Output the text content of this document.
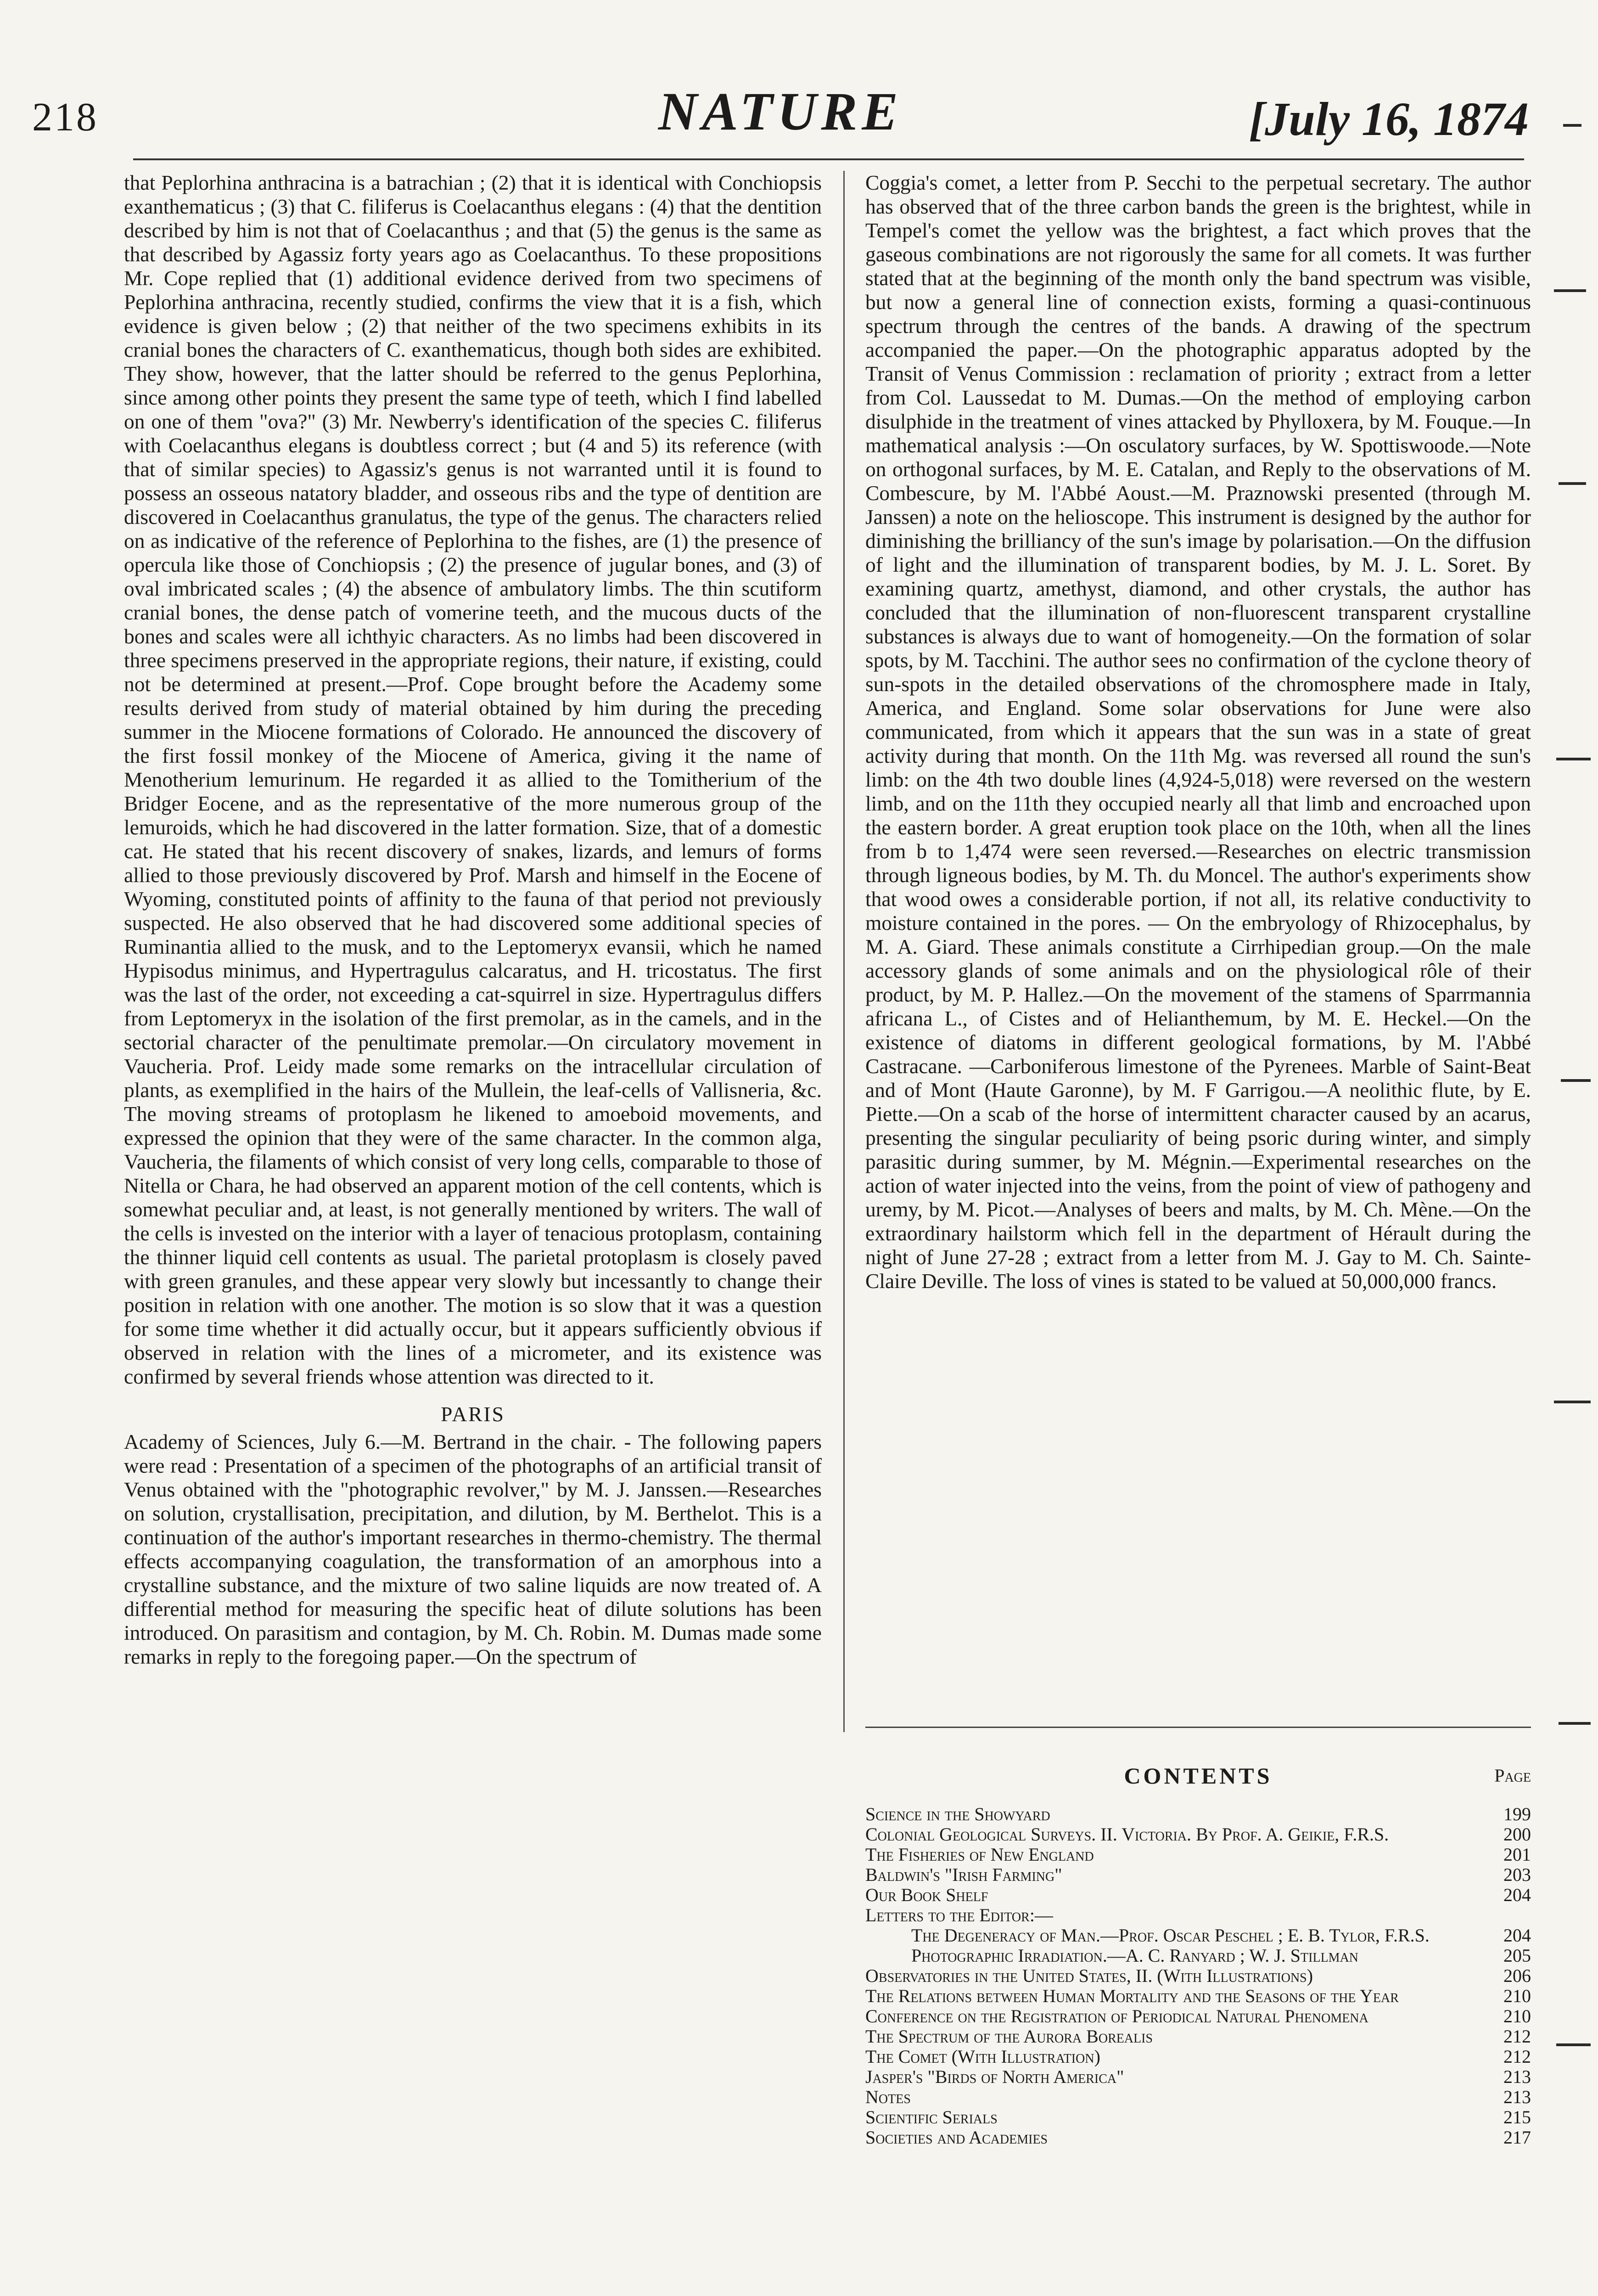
218	NATURE	[July 16, 1874

that Peplorhina anthracina is a batrachian ; (2) that it is identical with Conchiopsis exanthematicus ; (3) that C. filiferus is Coelacanthus elegans : (4) that the dentition described by him is not that of Coelacanthus ; and that (5) the genus is the same as that described by Agassiz forty years ago as Coelacanthus. To these propositions Mr. Cope replied that (1) additional evidence derived from two specimens of Peplorhina anthracina, recently studied, confirms the view that it is a fish, which evidence is given below ; (2) that neither of the two specimens exhibits in its cranial bones the characters of C. exanthematicus, though both sides are exhibited. They show, however, that the latter should be referred to the genus Peplorhina, since among other points they present the same type of teeth, which I find labelled on one of them "ova?" (3) Mr. Newberry's identification of the species C. filiferus with Coelacanthus elegans is doubtless correct ; but (4 and 5) its reference (with that of similar species) to Agassiz's genus is not warranted until it is found to possess an osseous natatory bladder, and osseous ribs and the type of dentition are discovered in Coelacanthus granulatus, the type of the genus. The characters relied on as indicative of the reference of Peplorhina to the fishes, are (1) the presence of opercula like those of Conchiopsis ; (2) the presence of jugular bones, and (3) of oval imbricated scales ; (4) the absence of ambulatory limbs. The thin scutiform cranial bones, the dense patch of vomerine teeth, and the mucous ducts of the bones and scales were all ichthyic characters. As no limbs had been discovered in three specimens preserved in the appropriate regions, their nature, if existing, could not be determined at present.—Prof. Cope brought before the Academy some results derived from study of material obtained by him during the preceding summer in the Miocene formations of Colorado. He announced the discovery of the first fossil monkey of the Miocene of America, giving it the name of Menotherium lemurinum. He regarded it as allied to the Tomitherium of the Bridger Eocene, and as the representative of the more numerous group of the lemuroids, which he had discovered in the latter formation. Size, that of a domestic cat. He stated that his recent discovery of snakes, lizards, and lemurs of forms allied to those previously discovered by Prof. Marsh and himself in the Eocene of Wyoming, constituted points of affinity to the fauna of that period not previously suspected. He also observed that he had discovered some additional species of Ruminantia allied to the musk, and to the Leptomeryx evansii, which he named Hypisodus minimus, and Hypertragulus calcaratus, and H. tricostatus. The first was the last of the order, not exceeding a cat-squirrel in size. Hypertragulus differs from Leptomeryx in the isolation of the first premolar, as in the camels, and in the sectorial character of the penultimate premolar.—On circulatory movement in Vaucheria. Prof. Leidy made some remarks on the intracellular circulation of plants, as exemplified in the hairs of the Mullein, the leaf-cells of Vallisneria, &c. The moving streams of protoplasm he likened to amoeboid movements, and expressed the opinion that they were of the same character. In the common alga, Vaucheria, the filaments of which consist of very long cells, comparable to those of Nitella or Chara, he had observed an apparent motion of the cell contents, which is somewhat peculiar and, at least, is not generally mentioned by writers. The wall of the cells is invested on the interior with a layer of tenacious protoplasm, containing the thinner liquid cell contents as usual. The parietal protoplasm is closely paved with green granules, and these appear very slowly but incessantly to change their position in relation with one another. The motion is so slow that it was a question for some time whether it did actually occur, but it appears sufficiently obvious if observed in relation with the lines of a micrometer, and its existence was confirmed by several friends whose attention was directed to it.

PARIS

Academy of Sciences, July 6.—M. Bertrand in the chair. - The following papers were read : Presentation of a specimen of the photographs of an artificial transit of Venus obtained with the "photographic revolver," by M. J. Janssen.—Researches on solution, crystallisation, precipitation, and dilution, by M. Berthelot. This is a continuation of the author's important researches in thermo-chemistry. The thermal effects accompanying coagulation, the transformation of an amorphous into a crystalline substance, and the mixture of two saline liquids are now treated of. A differential method for measuring the specific heat of dilute solutions has been introduced. On parasitism and contagion, by M. Ch. Robin. M. Dumas made some remarks in reply to the foregoing paper.—On the spectrum of

Coggia's comet, a letter from P. Secchi to the perpetual secretary. The author has observed that of the three carbon bands the green is the brightest, while in Tempel's comet the yellow was the brightest, a fact which proves that the gaseous combinations are not rigorously the same for all comets. It was further stated that at the beginning of the month only the band spectrum was visible, but now a general line of connection exists, forming a quasi-continuous spectrum through the centres of the bands. A drawing of the spectrum accompanied the paper.—On the photographic apparatus adopted by the Transit of Venus Commission : reclamation of priority ; extract from a letter from Col. Laussedat to M. Dumas.—On the method of employing carbon disulphide in the treatment of vines attacked by Phylloxera, by M. Fouque.—In mathematical analysis :—On osculatory surfaces, by W. Spottiswoode.—Note on orthogonal surfaces, by M. E. Catalan, and Reply to the observations of M. Combescure, by M. l'Abbé Aoust.—M. Praznowski presented (through M. Janssen) a note on the helioscope. This instrument is designed by the author for diminishing the brilliancy of the sun's image by polarisation.—On the diffusion of light and the illumination of transparent bodies, by M. J. L. Soret. By examining quartz, amethyst, diamond, and other crystals, the author has concluded that the illumination of non-fluorescent transparent crystalline substances is always due to want of homogeneity.—On the formation of solar spots, by M. Tacchini. The author sees no confirmation of the cyclone theory of sun-spots in the detailed observations of the chromosphere made in Italy, America, and England. Some solar observations for June were also communicated, from which it appears that the sun was in a state of great activity during that month. On the 11th Mg. was reversed all round the sun's limb: on the 4th two double lines (4,924-5,018) were reversed on the western limb, and on the 11th they occupied nearly all that limb and encroached upon the eastern border. A great eruption took place on the 10th, when all the lines from b to 1,474 were seen reversed.—Researches on electric transmission through ligneous bodies, by M. Th. du Moncel. The author's experiments show that wood owes a considerable portion, if not all, its relative conductivity to moisture contained in the pores. — On the embryology of Rhizocephalus, by M. A. Giard. These animals constitute a Cirrhipedian group.—On the male accessory glands of some animals and on the physiological rôle of their product, by M. P. Hallez.—On the movement of the stamens of Sparrmannia africana L., of Cistes and of Helianthemum, by M. E. Heckel.—On the existence of diatoms in different geological formations, by M. l'Abbé Castracane. —Carboniferous limestone of the Pyrenees. Marble of Saint-Beat and of Mont (Haute Garonne), by M. F Garrigou.—A neolithic flute, by E. Piette.—On a scab of the horse of intermittent character caused by an acarus, presenting the singular peculiarity of being psoric during winter, and simply parasitic during summer, by M. Mégnin.—Experimental researches on the action of water injected into the veins, from the point of view of pathogeny and uremy, by M. Picot.—Analyses of beers and malts, by M. Ch. Mène.—On the extraordinary hailstorm which fell in the department of Hérault during the night of June 27-28 ; extract from a letter from M. J. Gay to M. Ch. Sainte-Claire Deville. The loss of vines is stated to be valued at 50,000,000 francs.

CONTENTS	Page
Science in the Showyard	199
Colonial Geological Surveys. II. Victoria. By Prof. A. Geikie, F.R.S.	200
The Fisheries of New England	201
Baldwin's "Irish Farming"	203
Our Book Shelf	204
Letters to the Editor:—
The Degeneracy of Man.—Prof. Oscar Peschel ; E. B. Tylor, F.R.S.	204
Photographic Irradiation.—A. C. Ranyard ; W. J. Stillman	205
Observatories in the United States, II. (With Illustrations)	206
The Relations between Human Mortality and the Seasons of the Year	210
Conference on the Registration of Periodical Natural Phenomena	210
The Spectrum of the Aurora Borealis	212
The Comet (With Illustration)	212
Jasper's "Birds of North America"	213
Notes	213
Scientific Serials	215
Societies and Academies	217
